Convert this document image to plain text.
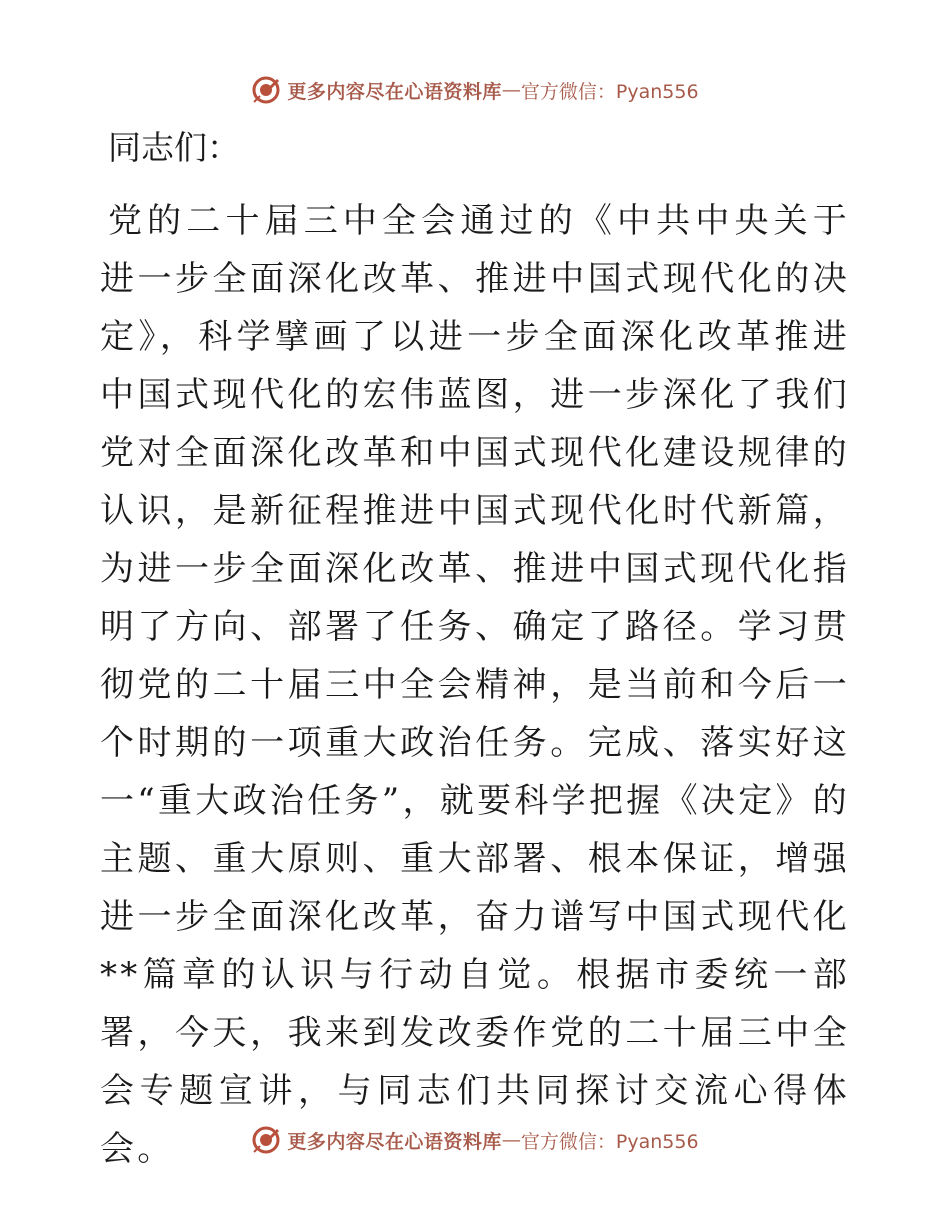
更多内容尽在心语资料库 — 官方微信：Pyan556

同志们：

党的二十届三中全会通过的《中共中央关于进一步全面深化改革、推进中国式现代化的决定》，科学擘画了以进一步全面深化改革推进中国式现代化的宏伟蓝图，进一步深化了我们党对全面深化改革和中国式现代化建设规律的认识，是新征程推进中国式现代化时代新篇，为进一步全面深化改革、推进中国式现代化指明了方向、部署了任务、确定了路径。学习贯彻党的二十届三中全会精神，是当前和今后一个时期的一项重大政治任务。完成、落实好这一“重大政治任务”，就要科学把握《决定》的主题、重大原则、重大部署、根本保证，增强进一步全面深化改革，奋力谱写中国式现代化**篇章的认识与行动自觉。根据市委统一部署，今天，我来到发改委作党的二十届三中全会专题宣讲，与同志们共同探讨交流心得体会。	更多内容尽在心语资料库 — 官方微信：Pyan556
